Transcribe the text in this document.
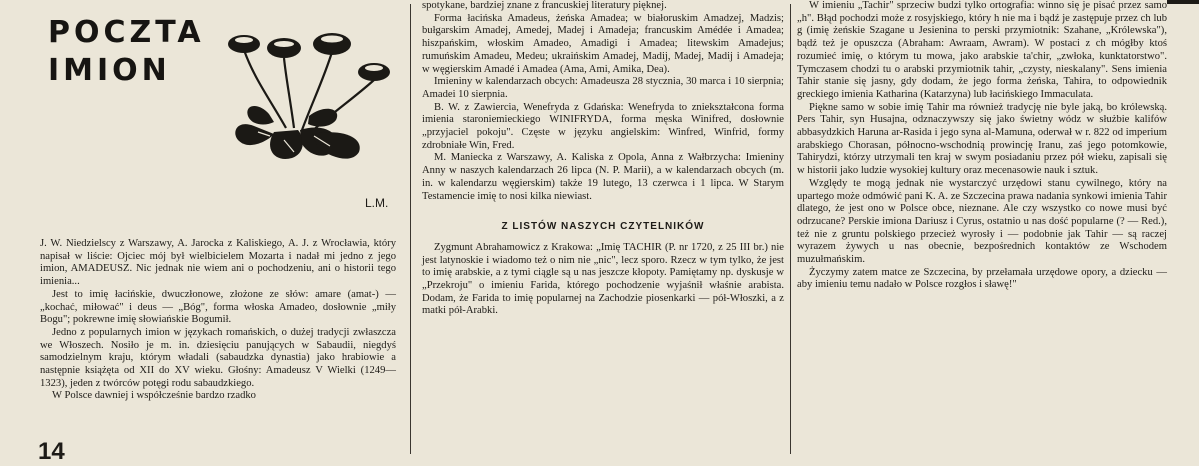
POCZTA
IMION
L.M.

J. W. Niedzielscy z Warszawy, A. Jarocka z Kaliskiego, A. J. z Wrocławia, który napisał w liście: Ojciec mój był wielbicielem Mozarta i nadał mi jedno z jego imion, AMADEUSZ. Nic jednak nie wiem ani o pochodzeniu, ani o historii tego imienia...

Jest to imię łacińskie, dwuczłonowe, złożone ze słów: amare (amat-) — „kochać, miłować" i deus — „Bóg", forma włoska Amadeo, dosłownie „miły Bogu"; pokrewne imię słowiańskie Bogumił.

Jedno z popularnych imion w językach romańskich, o dużej tradycji zwłaszcza we Włoszech. Nosiło je m. in. dziesięciu panujących w Sabaudii, niegdyś samodzielnym kraju, którym władali (sabaudzka dynastia) jako hrabiowie a następnie książęta od XII do XV wieku. Głośny: Amadeusz V Wielki (1249—1323), jeden z twórców potęgi rodu sabaudzkiego.

W Polsce dawniej i współcześnie bardzo rzadko

spotykane, bardziej znane z francuskiej literatury pięknej.

Forma łacińska Amadeus, żeńska Amadea; w białoruskim Amadzej, Madzis; bułgarskim Amadej, Amedej, Madej i Amadeja; francuskim Amédée i Amadea; hiszpańskim, włoskim Amadeo, Amadigi i Amadea; litewskim Amadejus; rumuńskim Amadeu, Medeu; ukraińskim Amadej, Madij, Madej, Madij i Amadeja; w węgierskim Amadé i Amadea (Ama, Ami, Amika, Dea).

Imieniny w kalendarzach obcych: Amadeusza 28 stycznia, 30 marca i 10 sierpnia; Amadei 10 sierpnia.

B. W. z Zawiercia, Wenefryda z Gdańska: Wenefryda to zniekształcona forma imienia staroniemieckiego WINIFRYDA, forma męska Winifred, dosłownie „przyjaciel pokoju". Częste w języku angielskim: Winfred, Winfrid, formy zdrobniałe Win, Fred.

M. Maniecka z Warszawy, A. Kaliska z Opola, Anna z Wałbrzycha: Imieniny Anny w naszych kalendarzach 26 lipca (N. P. Marii), a w kalendarzach obcych (m. in. w kalendarzu węgierskim) także 19 lutego, 13 czerwca i 1 lipca. W Starym Testamencie imię to nosi kilka niewiast.

Z LISTÓW NASZYCH CZYTELNIKÓW

Zygmunt Abrahamowicz z Krakowa: „Imię TACHIR (P. nr 1720, z 25 III br.) nie jest latynoskie i wiadomo też o nim nie „nic", lecz sporo. Rzecz w tym tylko, że jest to imię arabskie, a z tymi ciągle są u nas jeszcze kłopoty. Pamiętamy np. dyskusje w „Przekroju" o imieniu Farida, którego pochodzenie wyjaśnił właśnie arabista. Dodam, że Farida to imię popularnej na Zachodzie piosenkarki — pół-Włoszki, a z matki pół-Arabki.

W imieniu „Tachir" sprzeciw budzi tylko ortografia: winno się je pisać przez samo „h". Błąd pochodzi może z rosyjskiego, który h nie ma i bądź je zastępuje przez ch lub g (imię żeńskie Szagane u Jesienina to perski przymiotnik: Szahane, „Królewska"), bądź też je opuszcza (Abraham: Awraam, Awram). W postaci z ch mógłby ktoś rozumieć imię, o którym tu mowa, jako arabskie ta'chir, „zwłoka, kunktatorstwo". Tymczasem chodzi tu o arabski przymiotnik tahir, „czysty, nieskalany". Sens imienia Tahir stanie się jasny, gdy dodam, że jego forma żeńska, Tahira, to odpowiednik greckiego imienia Katharina (Katarzyna) lub łacińskiego Immaculata.

Piękne samo w sobie imię Tahir ma również tradycję nie byle jaką, bo królewską. Pers Tahir, syn Husajna, odznaczywszy się jako świetny wódz w służbie kalifów abbasydzkich Haruna ar-Rasida i jego syna al-Mamuna, oderwał w r. 822 od imperium arabskiego Chorasan, północno-wschodnią prowincję Iranu, zaś jego potomkowie, Tahirydzi, którzy utrzymali ten kraj w swym posiadaniu przez pół wieku, zapisali się w historii jako ludzie wysokiej kultury oraz mecenasowie nauk i sztuk.

Względy te mogą jednak nie wystarczyć urzędowi stanu cywilnego, który na upartego może odmówić pani K. A. ze Szczecina prawa nadania synkowi imienia Tahir dlatego, że jest ono w Polsce obce, nieznane. Ale czy wszystko co nowe musi być odrzucane? Perskie imiona Dariusz i Cyrus, ostatnio u nas dość popularne (? — Red.), też nie z gruntu polskiego przecież wyrosły i — podobnie jak Tahir — są raczej wyrazem żywych u nas obecnie, bezpośrednich kontaktów ze Wschodem muzułmańskim.

Życzymy zatem matce ze Szczecina, by przełamała urzędowe opory, a dziecku — aby imieniu temu nadało w Polsce rozgłos i sławę!"

14
